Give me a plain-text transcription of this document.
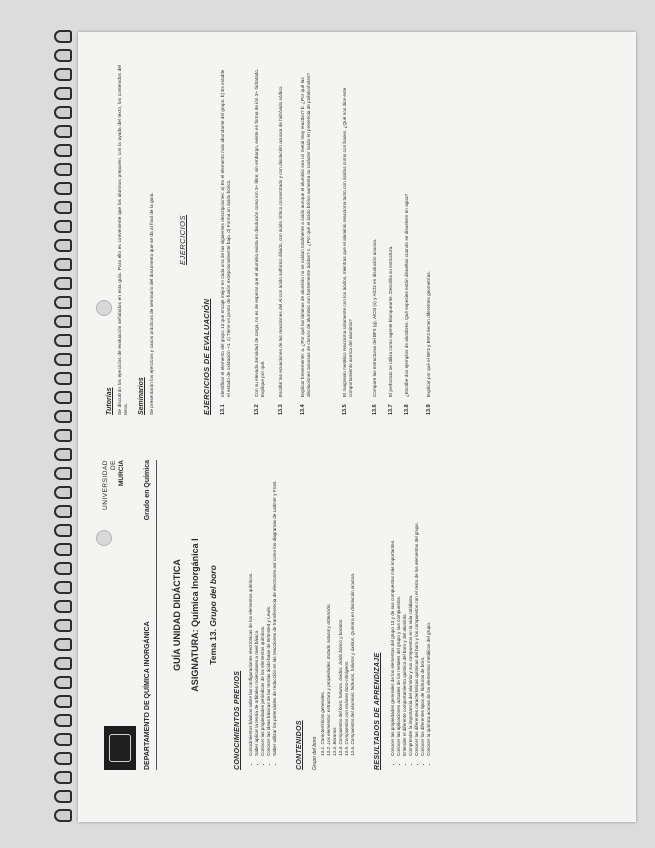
UNIVERSIDAD DE MURCIA
DEPARTAMENTO DE QUÍMICA INORGÁNICA
Grado en Química
GUÍA UNIDAD DIDÁCTICA ASIGNATURA: Química Inorgánica I Tema 13. Grupo del boro
CONOCIMIENTOS PREVIOS • Conocimientos básicos sobre las configuraciones electrónicas de los elementos químicos. • Saber aplicar la teoría de orbitales moleculares a nivel básico. • Conocer las propiedades periódicas de los elementos químicos. • Conocer las ideas básicas de las teorías ácido-base de Brönsted y Lewis. • Saber utilizar los potenciales de reducción en las reacciones de transferencia de electrones así como los diagramas de Latimer y Frost.	CONTENIDOS Grupo del boro 13.1. Características generales. 13.2. Los elementos: estructura y propiedades. Estado natural y obtención. 13.3. Boranos 13.4. Compuestos del boro: haluros, óxidos, ácido bórico y boratos. 13.5. Compuestos con enlaces boro-nitrógeno. 13.6. Compuestos del aluminio: hidruros, haluros y óxidos. Química en disolución acuosa.	RESULTADOS DE APRENDIZAJE • Conocer las propiedades generales de los elementos del grupo 13 y de sus compuestos más importantes. • Conocer las aplicaciones actuales de los metales del grupo y sus compuestos. • Entender el diferente comportamiento químico del boro y del aluminio. • Comprender la importancia del aluminio y sus compuestos en la vida cotidiana. • Conocer las diferentes características químicas del boro y los compuestos con el resto de los elementos del grupo. • Conocer los diferentes tipos de hidruros de boro. • Conocer la química acuosa de los elementos metálicos del grupo.
Tutorías Se discutirán los ejercicios de evaluación señalados en esta guía. Para ello es conveniente que los alumnos preparen, con la ayuda del texto, los contenidos del tema. Seminarios Se presentarán los ejercicios y casos prácticos de seminario del documento que se da al final de la guía.	EJERCICIOS
EJERCICIOS DE EVALUACIÓN 13.1
Identificar el elemento del grupo 13 que encaje mejor en cada una de las siguientes descripciones: a) Es el elemento más abundante del grupo. b) Es estable el estado de oxidación +1. c) Tiene un punto de fusión excepcionalmente bajo. d) Forma un ácido bórico.
13.2
Con su elevada densidad de carga, no es de esperar que el aluminio exista en disolución como ion 3+ libre; sin embargo, existe en forma de ión 3+ hidratado. Explique por qué.
13.3
Escribir las ecuaciones de las reacciones del Al con ácido sulfúrico diluido, con ácido nítrico concentrado y con disolución acuosa de hidróxido sódico.
13.4
Explicar brevemente: a. ¿Por qué las láminas de aluminio no se oxidan totalmente a óxido aunque el aluminio sea un metal muy reactivo? b. ¿Por qué las disoluciones acuosas de cloruro de aluminio son fuertemente ácidas? c. ¿Por qué el ácido bórico aumenta su carácter ácido en presencia de polialcoholes?
13.5
El magnesio metálico reacciona solamente con los ácidos, mientras que el aluminio reacciona tanto con ácidos como con bases. ¿Qué nos dice este comportamiento acerca del aluminio?
13.6
Compare las estructuras del BF3 (g), AlCl3 (s) y AlCl3 en disolución acuosa.
13.7
El perborato se utiliza como agente blanqueante. Describa su estructura.
13.8
¿Escribe dos ejemplos de alumbres. Qué especies están disueltas cuando se disuelven en agua?
13.9
Explicar por qué el BF3 y BrF3 tienen diferentes geometrías.
